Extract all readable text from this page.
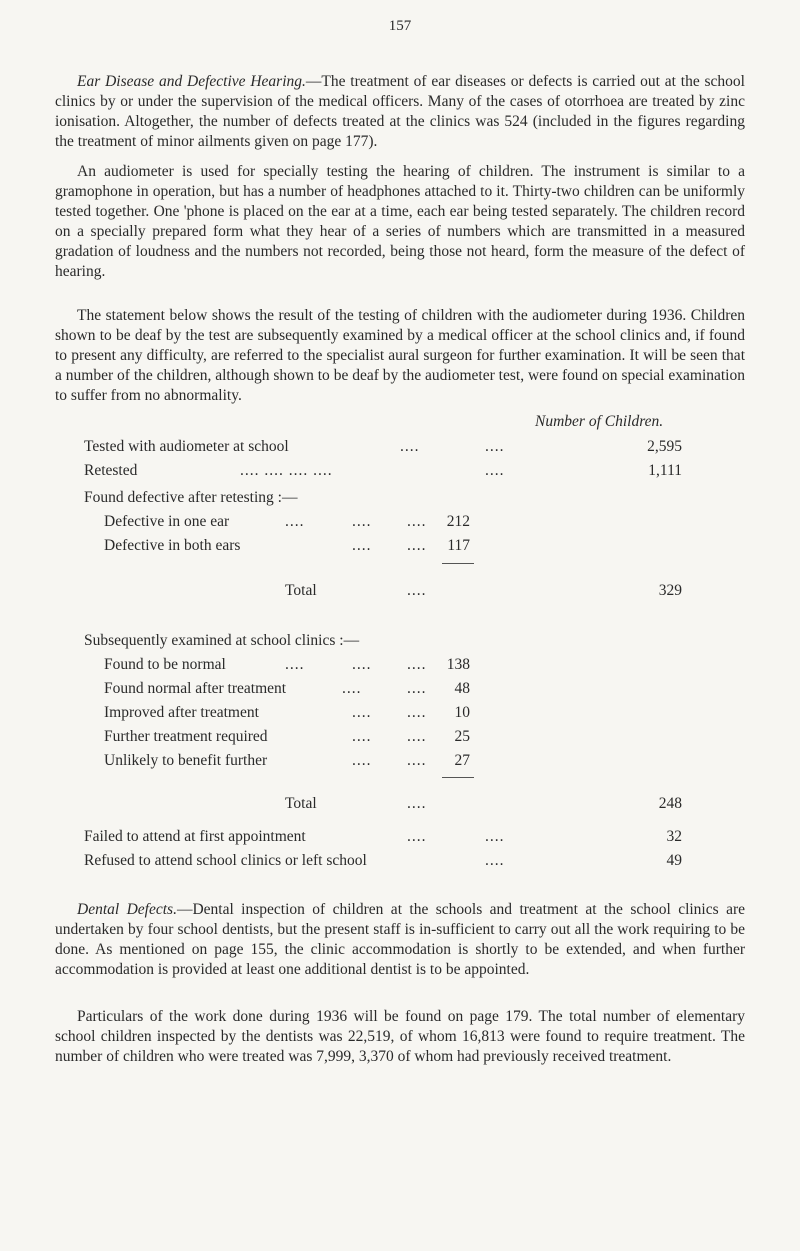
157

Ear Disease and Defective Hearing.—The treatment of ear diseases or defects is carried out at the school clinics by or under the supervision of the medical officers. Many of the cases of otorrhoea are treated by zinc ionisation. Altogether, the number of defects treated at the clinics was 524 (included in the figures regarding the treatment of minor ailments given on page 177).

An audiometer is used for specially testing the hearing of children. The instrument is similar to a gramophone in operation, but has a number of headphones attached to it. Thirty-two children can be uniformly tested together. One 'phone is placed on the ear at a time, each ear being tested separately. The children record on a specially prepared form what they hear of a series of numbers which are transmitted in a measured gradation of loudness and the numbers not recorded, being those not heard, form the measure of the defect of hearing.

The statement below shows the result of the testing of children with the audiometer during 1936. Children shown to be deaf by the test are subsequently examined by a medical officer at the school clinics and, if found to present any difficulty, are referred to the specialist aural surgeon for further examination. It will be seen that a number of the children, although shown to be deaf by the audiometer test, were found on special examination to suffer from no abnormality.

Number of Children.
Tested with audiometer at school	....	....	2,595
Retested	.... .... .... ....	....	1,111
Found defective after retesting :—
Defective in one ear	....	.... .... 212
Defective in both ears	.... .... 117
Total	....	329
Subsequently examined at school clinics :—
Found to be normal	....	.... .... 138
Found normal after treatment	....	.... 48
Improved after treatment	.... .... 10
Further treatment required	.... .... 25
Unlikely to benefit further	.... .... 27
Total	....	248
Failed to attend at first appointment	....	....	32
Refused to attend school clinics or left school	....	49

Dental Defects.—Dental inspection of children at the schools and treatment at the school clinics are undertaken by four school dentists, but the present staff is in-sufficient to carry out all the work requiring to be done. As mentioned on page 155, the clinic accommodation is shortly to be extended, and when further accommodation is provided at least one additional dentist is to be appointed.

Particulars of the work done during 1936 will be found on page 179. The total number of elementary school children inspected by the dentists was 22,519, of whom 16,813 were found to require treatment. The number of children who were treated was 7,999, 3,370 of whom had previously received treatment.
